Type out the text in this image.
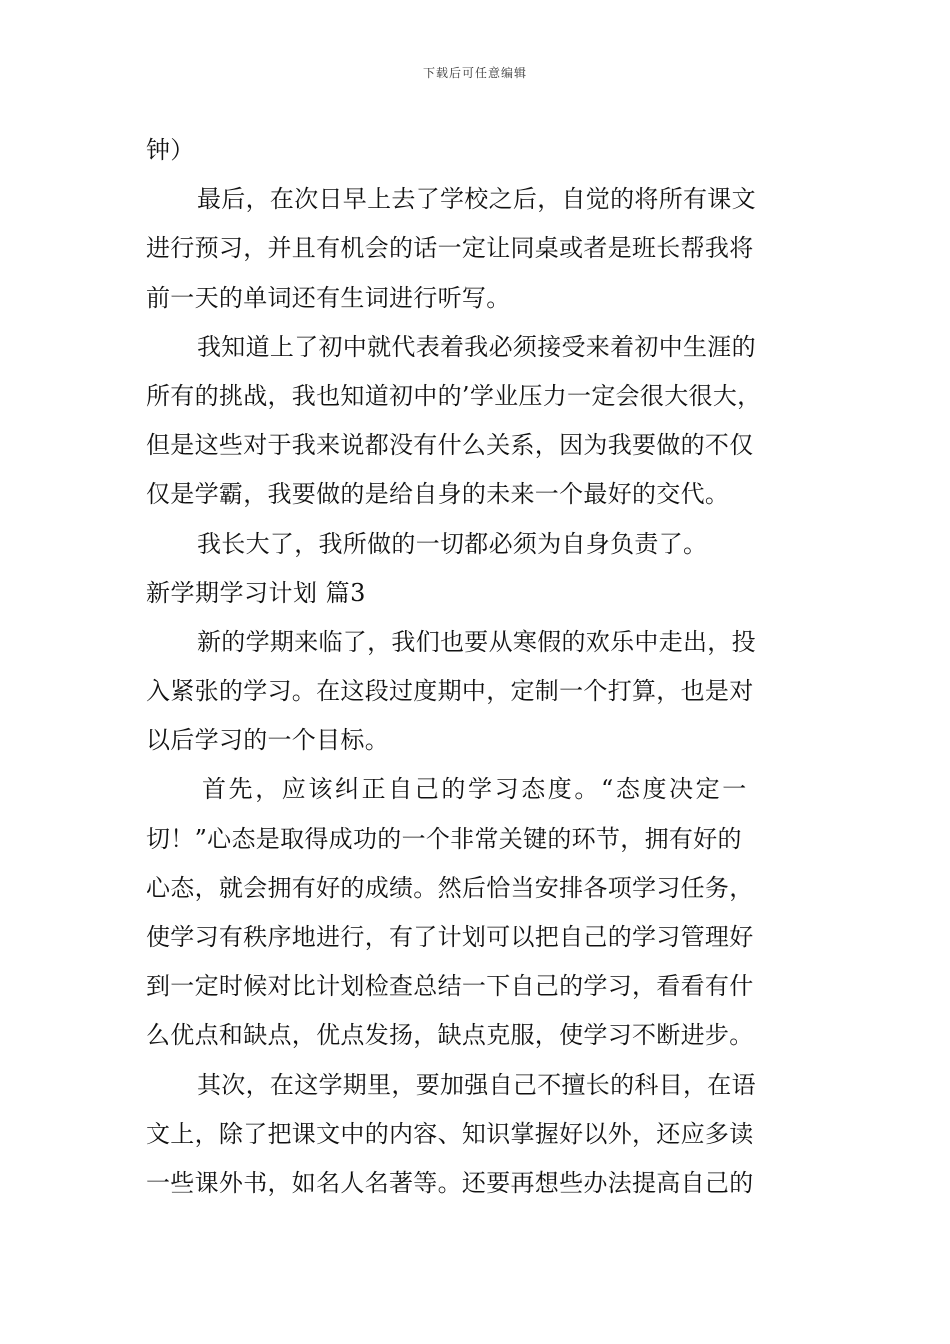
下载后可任意编辑
钟）
最后，在次日早上去了学校之后，自觉的将所有课文
进行预习，并且有机会的话一定让同桌或者是班长帮我将
前一天的单词还有生词进行听写。
我知道上了初中就代表着我必须接受来着初中生涯的
所有的挑战，我也知道初中的’学业压力一定会很大很大，
但是这些对于我来说都没有什么关系，因为我要做的不仅
仅是学霸，我要做的是给自身的未来一个最好的交代。
我长大了，我所做的一切都必须为自身负责了。
新学期学习计划 篇3
新的学期来临了，我们也要从寒假的欢乐中走出，投
入紧张的学习。在这段过度期中，定制一个打算，也是对
以后学习的一个目标。
首先，应该纠正自己的学习态度。“态度决定一
切！”心态是取得成功的一个非常关键的环节，拥有好的
心态，就会拥有好的成绩。然后恰当安排各项学习任务，
使学习有秩序地进行，有了计划可以把自己的学习管理好
到一定时候对比计划检查总结一下自己的学习，看看有什
么优点和缺点，优点发扬，缺点克服，使学习不断进步。
其次，在这学期里，要加强自己不擅长的科目，在语
文上，除了把课文中的内容、知识掌握好以外，还应多读
一些课外书，如名人名著等。还要再想些办法提高自己的
